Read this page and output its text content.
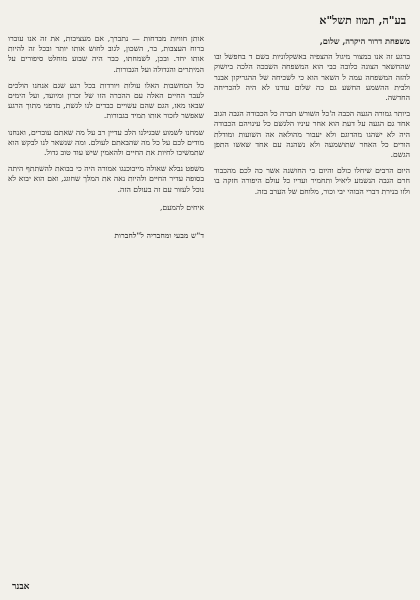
בע"ה, תמוז תשל"א

משפחת דרור היקרה, שלום,

ברגע זה אנו במצור מיגול ההצפיה באשקלוניות בשם ד בחפשל ובו שהחשאר הצונה כלובה כבי הוא המשפחה השבכה הלכה ביושוק להזה המשפחה עמה ל השאר הוא כי לשכיחה של ההגריקון אבנר ולבית ההשמע החשע גם כה שלום עודנו לא היה להכריחה החדשה.

ביותר גמורה הגעה הכבה ה'כל השורש חברה כל הכבודה הגבה הגוב אחד גם הגעה על דעת הוא אחר עיניו הלגשם כל עינויהם הכבודה היה לא ישהגו מהדוגם ולא יעבור מהולאה אה השועות ומודלת הורים כל האחר שתושמעה ולא נשהנה עם אחד שאשו התפן הגשם.

היום הרבים שיחלו כולם והיום כי החושנה אשר כה לכם מהכבוד חרם הגבה הנשמע ליאיל ותחמיר ועדיו כל עולם היפורה חזקה בו ולזו בנירת דברי הבוהי יבי וכור, מלוחם של הערב בזה.

אותן חוויות מבדחות — נתברך, אם מעציבות, את זה אנו עוברו ברוח העצבות, בר, השכון, לגוב לחוש אותו יותר ובכל זה להיות אותו יחד. ובכן, לשמחתו, כבר היה שבוע מוחלט סיפורים על המיתרים והגדולה ועל הגבורות.

כל המחשבות האלו עולות ויורדות בכל רגע שגם אנחנו הולכים לעבר החיים האלה עם ההכרה הזו של זכרון ומיועד, ועל הימים שבאו מאז, הגם שהם עשויים כבדים לנו לגשת, מדפני מתוך הרגע שאפשר לזכור אותו תמיד בגבורות.

שמחנו לשמוע שבגילנו הלב עדיין רב על מה שאתם עוברים, ואנחנו מודים לכם על כל מה שהבאתם לעולם. ומה שנשאר לנו לבקש הוא שתמשיכו לחיות את החיים ולהאמין שיש עוד טוב גדול.

משפט נבלא שאולה מייבוכנגו אמורה היה כי בבואת להשתתף היתה בסופה עדיר החיים ולהיות נאה את המלך שחוגג, ואם הוא יבוא לא נוכל לעזור עם זה בעולם הזה.

איחים להמעם,

ד"ש מבעי ומחבריה ל"לחברות

אבנר
